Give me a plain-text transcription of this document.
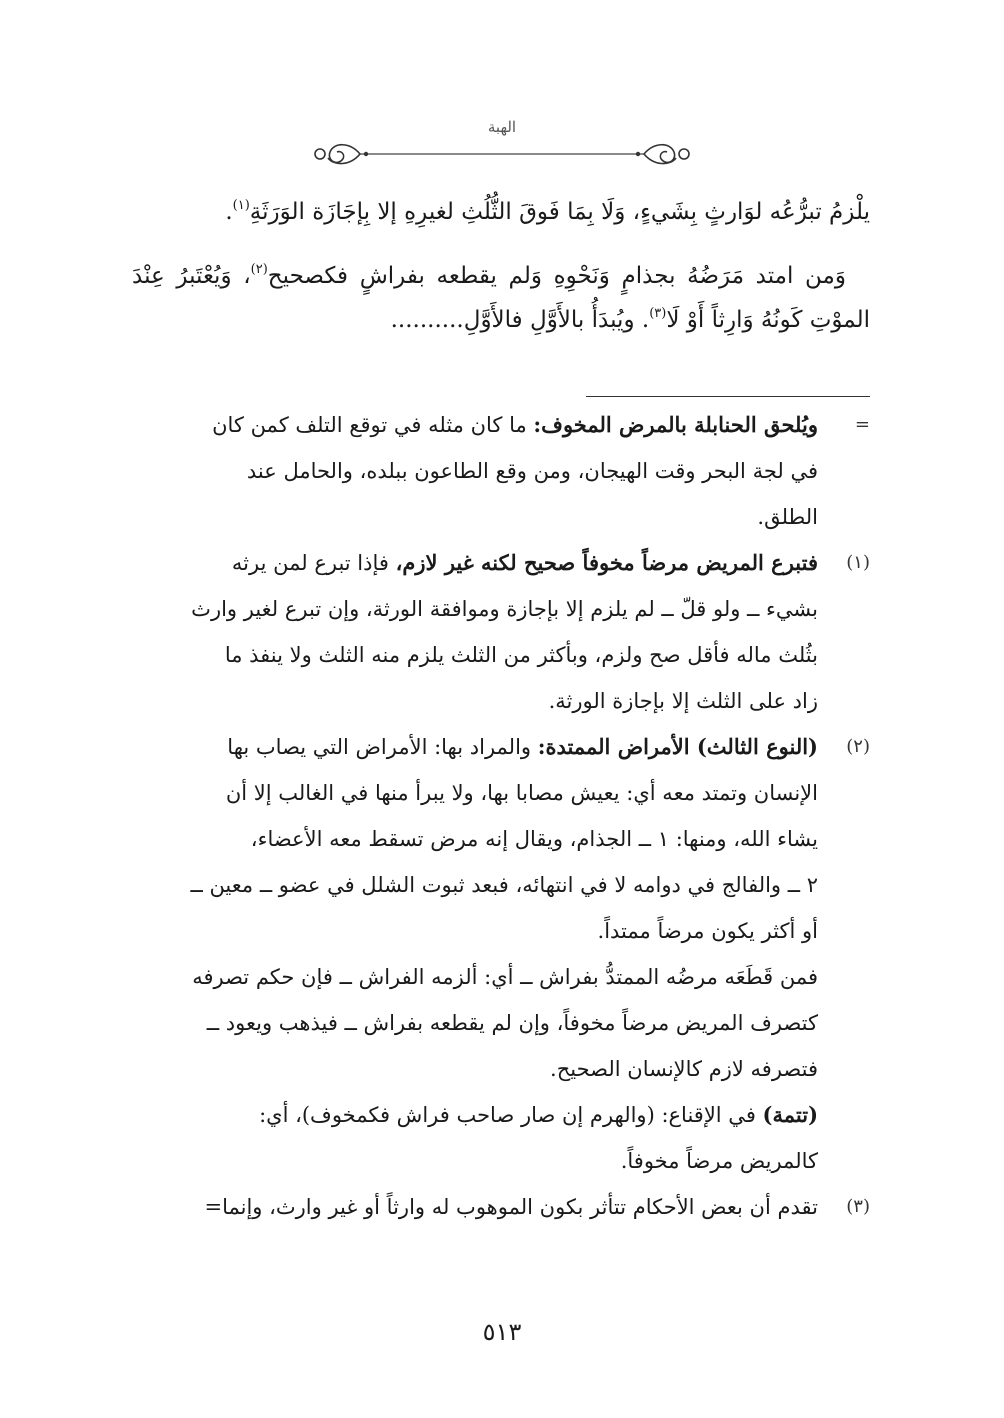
الهبة

يلْزمُ تبرُّعُه لوَارثٍ بِشَيءٍ، وَلَا بِمَا فَوقَ الثُّلُثِ لغيرِهِ إلا بِإجَازَة الوَرَثَةِ$^{(١)}$.

وَمن امتد مَرَضُهُ بجذامٍ وَنَحْوِهِ وَلم يقطعه بفراشٍ فكصحيح$^{(٢)}$، وَيُعْتَبرُ عِنْدَ الموْتِ كَونُهُ وَارِثاً أَوْ لَا$^{(٣)}$. ويُبدَأُ بالأَوَّلِ فالأَوَّلِ..........

=
ويُلحق الحنابلة بالمرض المخوف: ما كان مثله في توقع التلف كمن كان
في لجة البحر وقت الهيجان، ومن وقع الطاعون ببلده، والحامل عند
الطلق.
(١)
فتبرع المريض مرضاً مخوفاً صحيح لكنه غير لازم، فإذا تبرع لمن يرثه
بشيء ــ ولو قلّ ــ لم يلزم إلا بإجازة وموافقة الورثة، وإن تبرع لغير وارث
بثُلث ماله فأقل صح ولزم، وبأكثر من الثلث يلزم منه الثلث ولا ينفذ ما
زاد على الثلث إلا بإجازة الورثة.
(٢)
(النوع الثالث) الأمراض الممتدة: والمراد بها: الأمراض التي يصاب بها
الإنسان وتمتد معه أي: يعيش مصابا بها، ولا يبرأ منها في الغالب إلا أن
يشاء الله، ومنها: ١ ــ الجذام، ويقال إنه مرض تسقط معه الأعضاء،
٢ ــ والفالج في دوامه لا في انتهائه، فبعد ثبوت الشلل في عضو ــ معين ــ
أو أكثر يكون مرضاً ممتداً.
فمن قَطَعَه مرضُه الممتدُّ بفراش ــ أي: ألزمه الفراش ــ فإن حكم تصرفه
كتصرف المريض مرضاً مخوفاً، وإن لم يقطعه بفراش ــ فيذهب ويعود ــ
فتصرفه لازم كالإنسان الصحيح.
(تتمة) في الإقناع: (والهرم إن صار صاحب فراش فكمخوف)، أي:
كالمريض مرضاً مخوفاً.
(٣)
تقدم أن بعض الأحكام تتأثر بكون الموهوب له وارثاً أو غير وارث، وإنما=
٥١٣
